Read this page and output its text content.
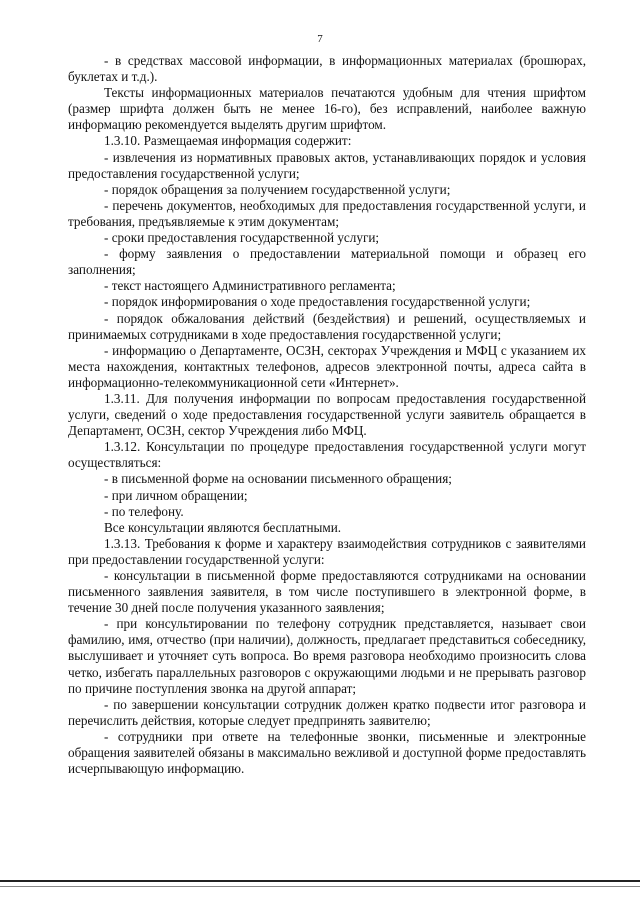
7

- в средствах массовой информации, в информационных материалах (брошюрах, буклетах и т.д.).

Тексты информационных материалов печатаются удобным для чтения шрифтом (размер шрифта должен быть не менее 16-го), без исправлений, наиболее важную информацию рекомендуется выделять другим шрифтом.

1.3.10. Размещаемая информация содержит:

- извлечения из нормативных правовых актов, устанавливающих порядок и условия предоставления государственной услуги;

- порядок обращения за получением государственной услуги;

- перечень документов, необходимых для предоставления государственной услуги, и требования, предъявляемые к этим документам;

- сроки предоставления государственной услуги;

- форму заявления о предоставлении материальной помощи и образец его заполнения;

- текст настоящего Административного регламента;

- порядок информирования о ходе предоставления государственной услуги;

- порядок обжалования действий (бездействия) и решений, осуществляемых и принимаемых сотрудниками в ходе предоставления государственной услуги;

- информацию о Департаменте, ОСЗН, секторах Учреждения и МФЦ с указанием их места нахождения, контактных телефонов, адресов электронной почты, адреса сайта в информационно-телекоммуникационной сети «Интернет».

1.3.11. Для получения информации по вопросам предоставления государственной услуги, сведений о ходе предоставления государственной услуги заявитель обращается в Департамент, ОСЗН, сектор Учреждения либо МФЦ.

1.3.12. Консультации по процедуре предоставления государственной услуги могут осуществляться:

- в письменной форме на основании письменного обращения;

- при личном обращении;

- по телефону.

Все консультации являются бесплатными.

1.3.13. Требования к форме и характеру взаимодействия сотрудников с заявителями при предоставлении государственной услуги:

- консультации в письменной форме предоставляются сотрудниками на основании письменного заявления заявителя, в том числе поступившего в электронной форме, в течение 30 дней после получения указанного заявления;

- при консультировании по телефону сотрудник представляется, называет свои фамилию, имя, отчество (при наличии), должность, предлагает представиться собеседнику, выслушивает и уточняет суть вопроса. Во время разговора необходимо произносить слова четко, избегать параллельных разговоров с окружающими людьми и не прерывать разговор по причине поступления звонка на другой аппарат;

- по завершении консультации сотрудник должен кратко подвести итог разговора и перечислить действия, которые следует предпринять заявителю;

- сотрудники при ответе на телефонные звонки, письменные и электронные обращения заявителей обязаны в максимально вежливой и доступной форме предоставлять исчерпывающую информацию.
